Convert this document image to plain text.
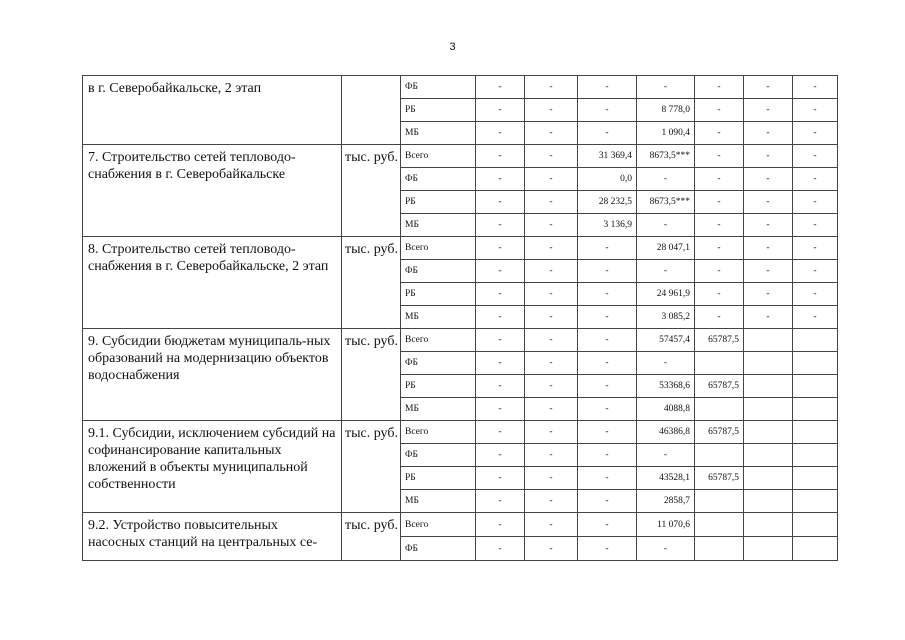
3
в г. Северобайкальске, 2 этап		ФБ	-	-	-	-	-	-	-
		РБ	-	-	-	8 778,0	-	-	-
		МБ	-	-	-	1 090,4	-	-	-
7. Строительство сетей тепловодо-снабжения в г. Северобайкальске	тыс. руб.	Всего	-	-	31 369,4	8673,5***	-	-	-
		ФБ	-	-	0,0	-	-	-	-
		РБ	-	-	28 232,5	8673,5***	-	-	-
		МБ	-	-	3 136,9	-	-	-	-
8. Строительство сетей тепловодо-снабжения в г. Северобайкальске, 2 этап	тыс. руб.	Всего	-	-	-	28 047,1	-	-	-
		ФБ	-	-	-	-	-	-	-
		РБ	-	-	-	24 961,9	-	-	-
		МБ	-	-	-	3 085,2	-	-	-
9. Субсидии бюджетам муниципаль-ных образований на модернизацию объектов водоснабжения	тыс. руб.	Всего	-	-	-	57457,4	65787,5		
		ФБ	-	-	-	-			
		РБ	-	-	-	53368,6	65787,5		
		МБ	-	-	-	4088,8			
9.1. Субсидии, исключением субсидий на софинансирование капитальных вложений в объекты муниципальной собственности	тыс. руб.	Всего	-	-	-	46386,8	65787,5		
		ФБ	-	-	-	-			
		РБ	-	-	-	43528,1	65787,5		
		МБ	-	-	-	2858,7			
9.2. Устройство повысительных насосных станций на центральных се-	тыс. руб.	Всего	-	-	-	11 070,6			
		ФБ	-	-	-	-			
